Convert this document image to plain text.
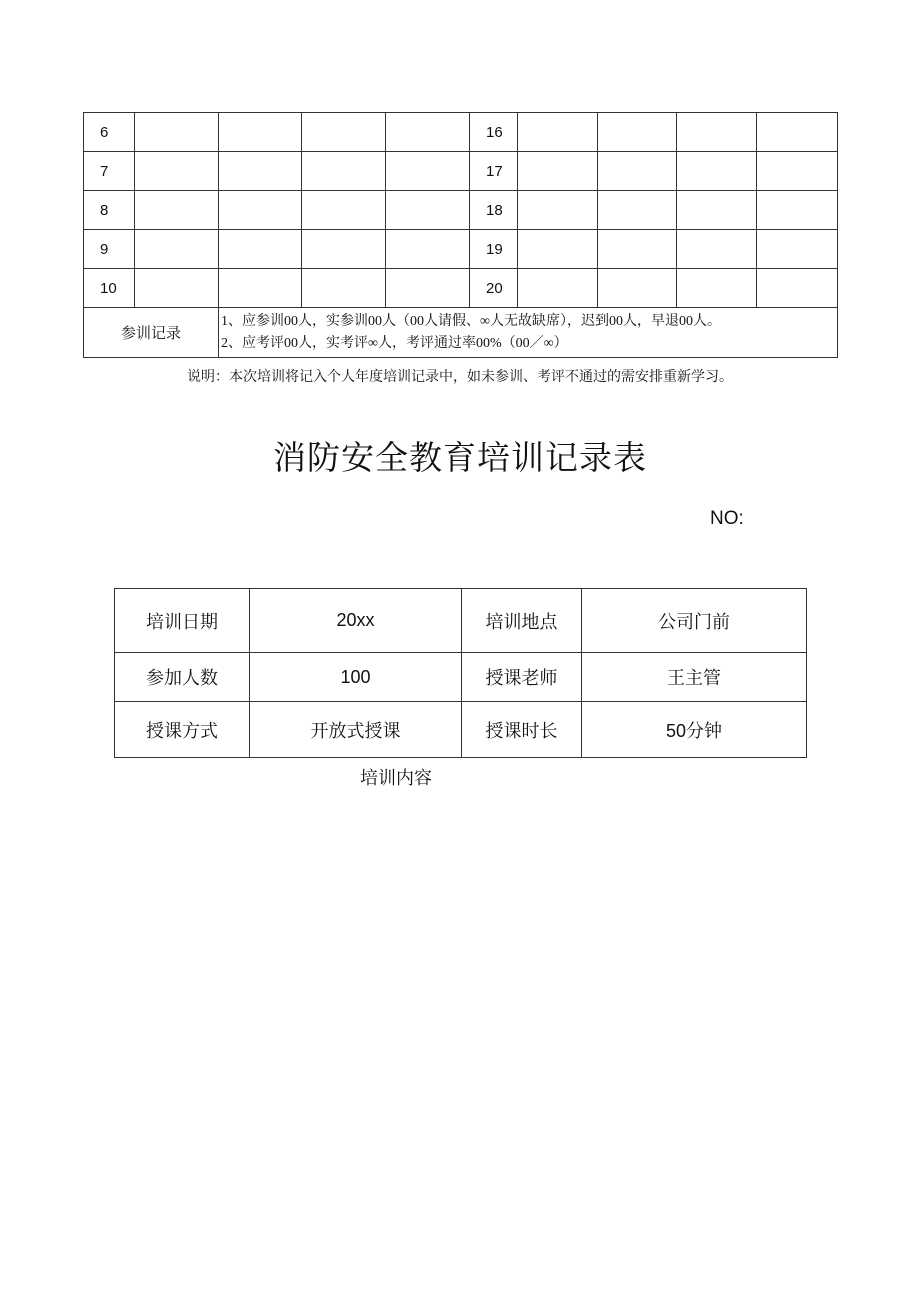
6					16				
7					17				
8					18				
9					19				
10					20				
参训记录		1、应参训00人，实参训00人（00人请假、∞人无故缺席），迟到00人，早退00人。
2、应考评00人，实考评∞人，考评通过率00%（00／∞）							
说明：本次培训将记入个人年度培训记录中，如未参训、考评不通过的需安排重新学习。
消防安全教育培训记录表
NO:
培训日期	20xx	培训地点	公司门前
参加人数	100	授课老师	王主管
授课方式	开放式授课	授课时长	50分钟
培训内容
